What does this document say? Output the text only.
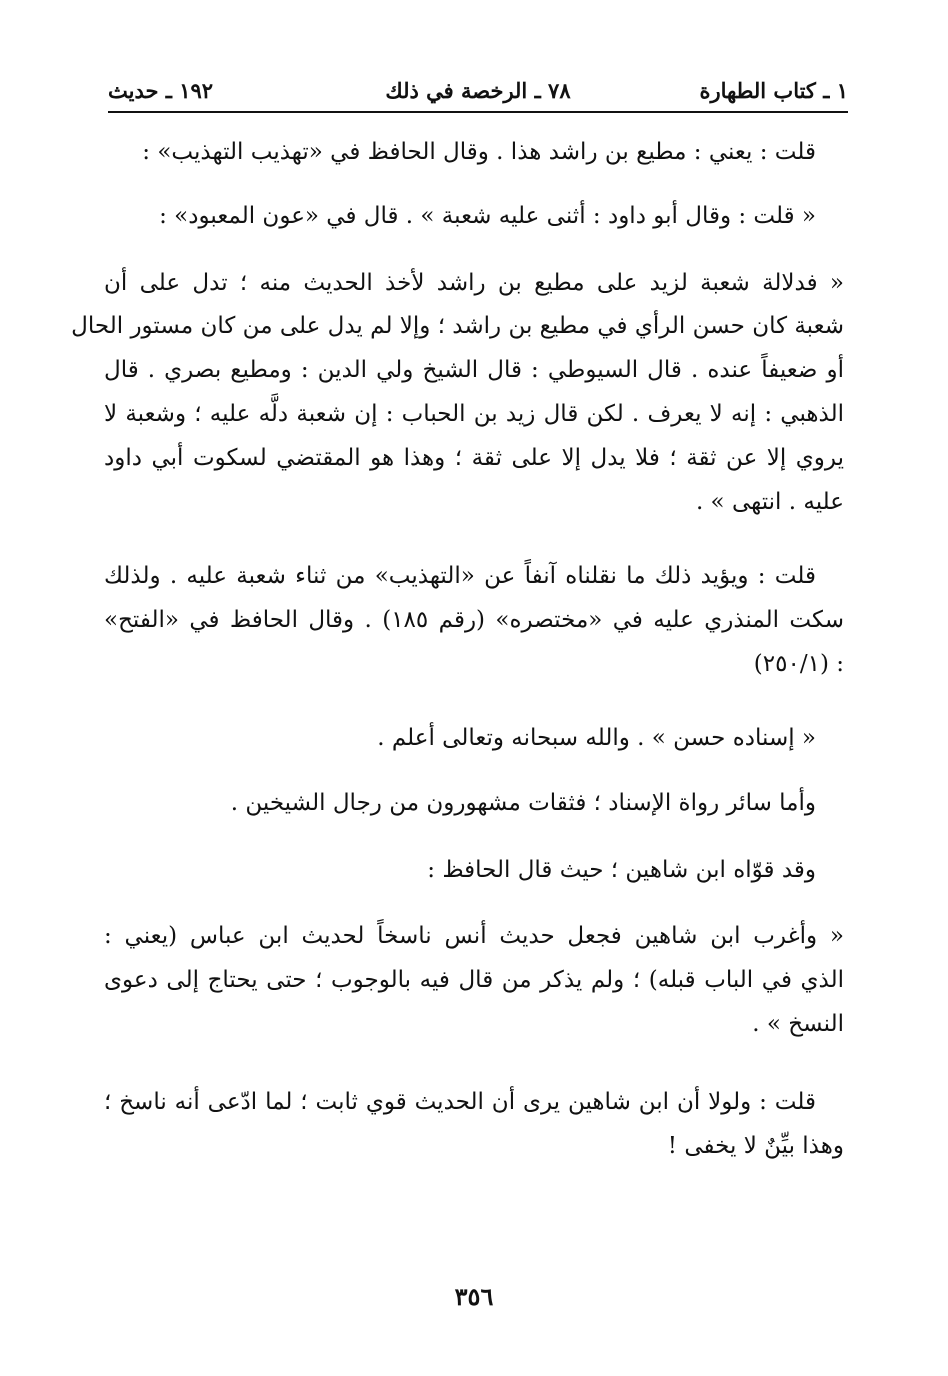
١ ـ كتاب الطهارة
٧٨ ـ الرخصة في ذلك
١٩٢ ـ حديث
قلت : يعني : مطيع بن راشد هذا . وقال الحافظ في «تهذيب التهذيب» :
« قلت : وقال أبو داود : أثنى عليه شعبة » . قال في «عون المعبود» :
« فدلالة شعبة لزيد على مطيع بن راشد لأخذ الحديث منه ؛ تدل على أن
شعبة كان حسن الرأي في مطيع بن راشد ؛ وإلا لم يدل على من كان مستور الحال
أو ضعيفاً عنده . قال السيوطي : قال الشيخ ولي الدين : ومطيع بصري . قال
الذهبي : إنه لا يعرف . لكن قال زيد بن الحباب : إن شعبة دلَّه عليه ؛ وشعبة لا
يروي إلا عن ثقة ؛ فلا يدل إلا على ثقة ؛ وهذا هو المقتضي لسكوت أبي داود
عليه . انتهى » .
قلت : ويؤيد ذلك ما نقلناه آنفاً عن «التهذيب» من ثناء شعبة عليه . ولذلك
سكت المنذري عليه في «مختصره» (رقم ١٨٥) . وقال الحافظ في «الفتح»
(٢٥٠/١) :
« إسناده حسن » . والله سبحانه وتعالى أعلم .
وأما سائر رواة الإسناد ؛ فثقات مشهورون من رجال الشيخين .
وقد قوّاه ابن شاهين ؛ حيث قال الحافظ :
« وأغرب ابن شاهين فجعل حديث أنس ناسخاً لحديث ابن عباس (يعني :
الذي في الباب قبله) ؛ ولم يذكر من قال فيه بالوجوب ؛ حتى يحتاج إلى دعوى
النسخ » .
قلت : ولولا أن ابن شاهين يرى أن الحديث قوي ثابت ؛ لما ادّعى أنه ناسخ ؛
وهذا بيِّنٌ لا يخفى !
٣٥٦
